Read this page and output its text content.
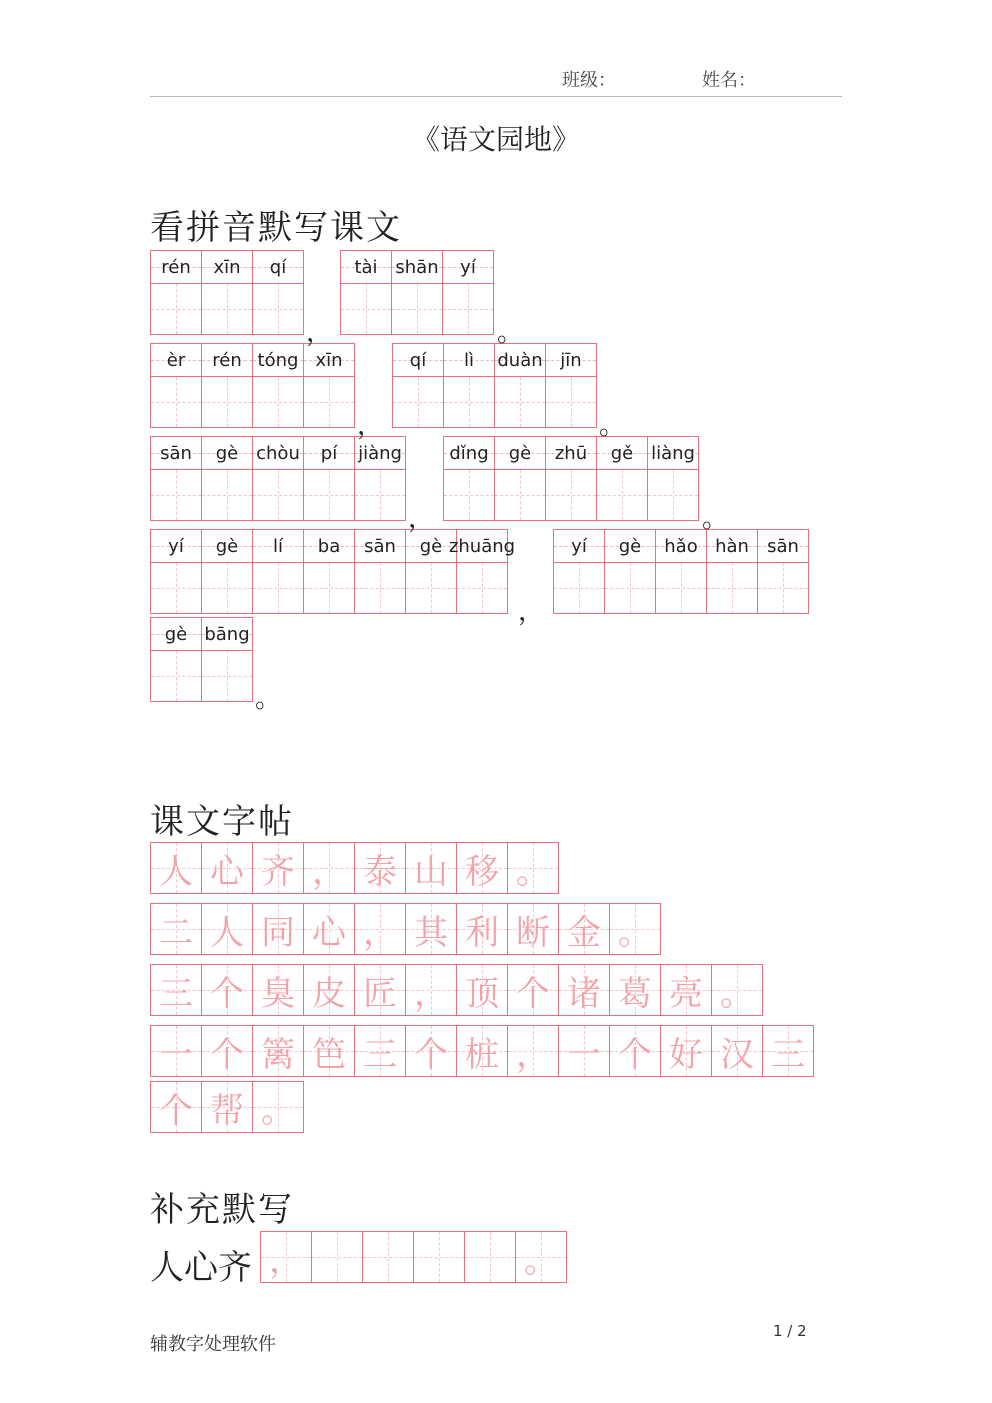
班级：	姓名：
《语文园地》
看拼音默写课文
课文字帖
补充默写
rén xīn qí	tài shān yí
èr rén tóng xīn	qí lì duàn jīn
sān gè chòu pí jiàng	dǐng gè zhū gě liàng
yí gè lí ba sān gè zhuāng	yí gè hǎo hàn sān
gè bāng
，	。
，	。
，	。
，
。
人 心 齐 ， 泰 山 移 。
二 人 同 心 ， 其 利 断 金 。
三 个 臭 皮 匠 ， 顶 个 诸 葛 亮 。
一 个 篱 笆 三 个 桩 ， 一 个 好 汉 三
个 帮 。
，	。
人心齐
辅教字处理软件
1 / 2
